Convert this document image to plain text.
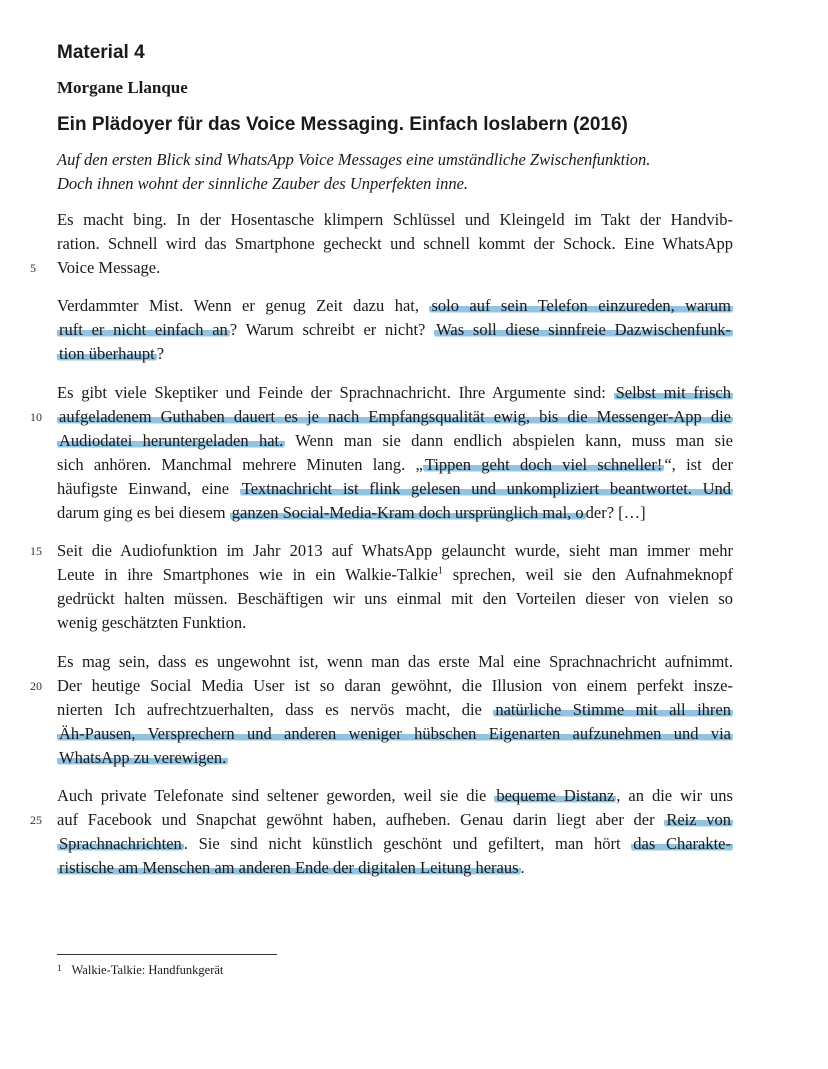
Material 4
Morgane Llanque
Ein Plädoyer für das Voice Messaging. Einfach loslabern (2016)
Auf den ersten Blick sind WhatsApp Voice Messages eine umständliche Zwischenfunktion.
Doch ihnen wohnt der sinnliche Zauber des Unperfekten inne.
Es macht bing. In der Hosentasche klimpern Schlüssel und Kleingeld im Takt der Handvib-
ration. Schnell wird das Smartphone gecheckt und schnell kommt der Schock. Eine WhatsApp
5	Voice Message.
Verdammter Mist. Wenn er genug Zeit dazu hat, solo auf sein Telefon einzureden, warum
ruft er nicht einfach an ? Warum schreibt er nicht? Was soll diese sinnfreie Dazwischenfunk-
tion überhaupt ?
Es gibt viele Skeptiker und Feinde der Sprachnachricht. Ihre Argumente sind: Selbst mit frisch
10 aufgeladenem Guthaben dauert es je nach Empfangsqualität ewig, bis die Messenger-App die
Audiodatei heruntergeladen hat. Wenn man sie dann endlich abspielen kann, muss man sie
sich anhören. Manchmal mehrere Minuten lang. „ Tippen geht doch viel schneller! “, ist der
häufigste Einwand, eine Textnachricht ist flink gelesen und unkompliziert beantwortet. Und
darum ging es bei diesem ganzen Social-Media-Kram doch ursprünglich mal, o der? […]
15 Seit die Audiofunktion im Jahr 2013 auf WhatsApp gelauncht wurde, sieht man immer mehr
Leute in ihre Smartphones wie in ein Walkie-Talkie$^1$ sprechen, weil sie den Aufnahmeknopf
gedrückt halten müssen. Beschäftigen wir uns einmal mit den Vorteilen dieser von vielen so
wenig geschätzten Funktion.
Es mag sein, dass es ungewohnt ist, wenn man das erste Mal eine Sprachnachricht aufnimmt.
20 Der heutige Social Media User ist so daran gewöhnt, die Illusion von einem perfekt insze-
nierten Ich aufrechtzuerhalten, dass es nervös macht, die natürliche Stimme mit all ihren
Äh-Pausen, Versprechern und anderen weniger hübschen Eigenarten aufzunehmen und via
WhatsApp zu verewigen.
Auch private Telefonate sind seltener geworden, weil sie die bequeme Distanz , an die wir uns
25 auf Facebook und Snapchat gewöhnt haben, aufheben. Genau darin liegt aber der Reiz von
Sprachnachrichten . Sie sind nicht künstlich geschönt und gefiltert, man hört das Charakte-
ristische am Menschen am anderen Ende der digitalen Leitung heraus .
$^1$ Walkie-Talkie: Handfunkgerät
